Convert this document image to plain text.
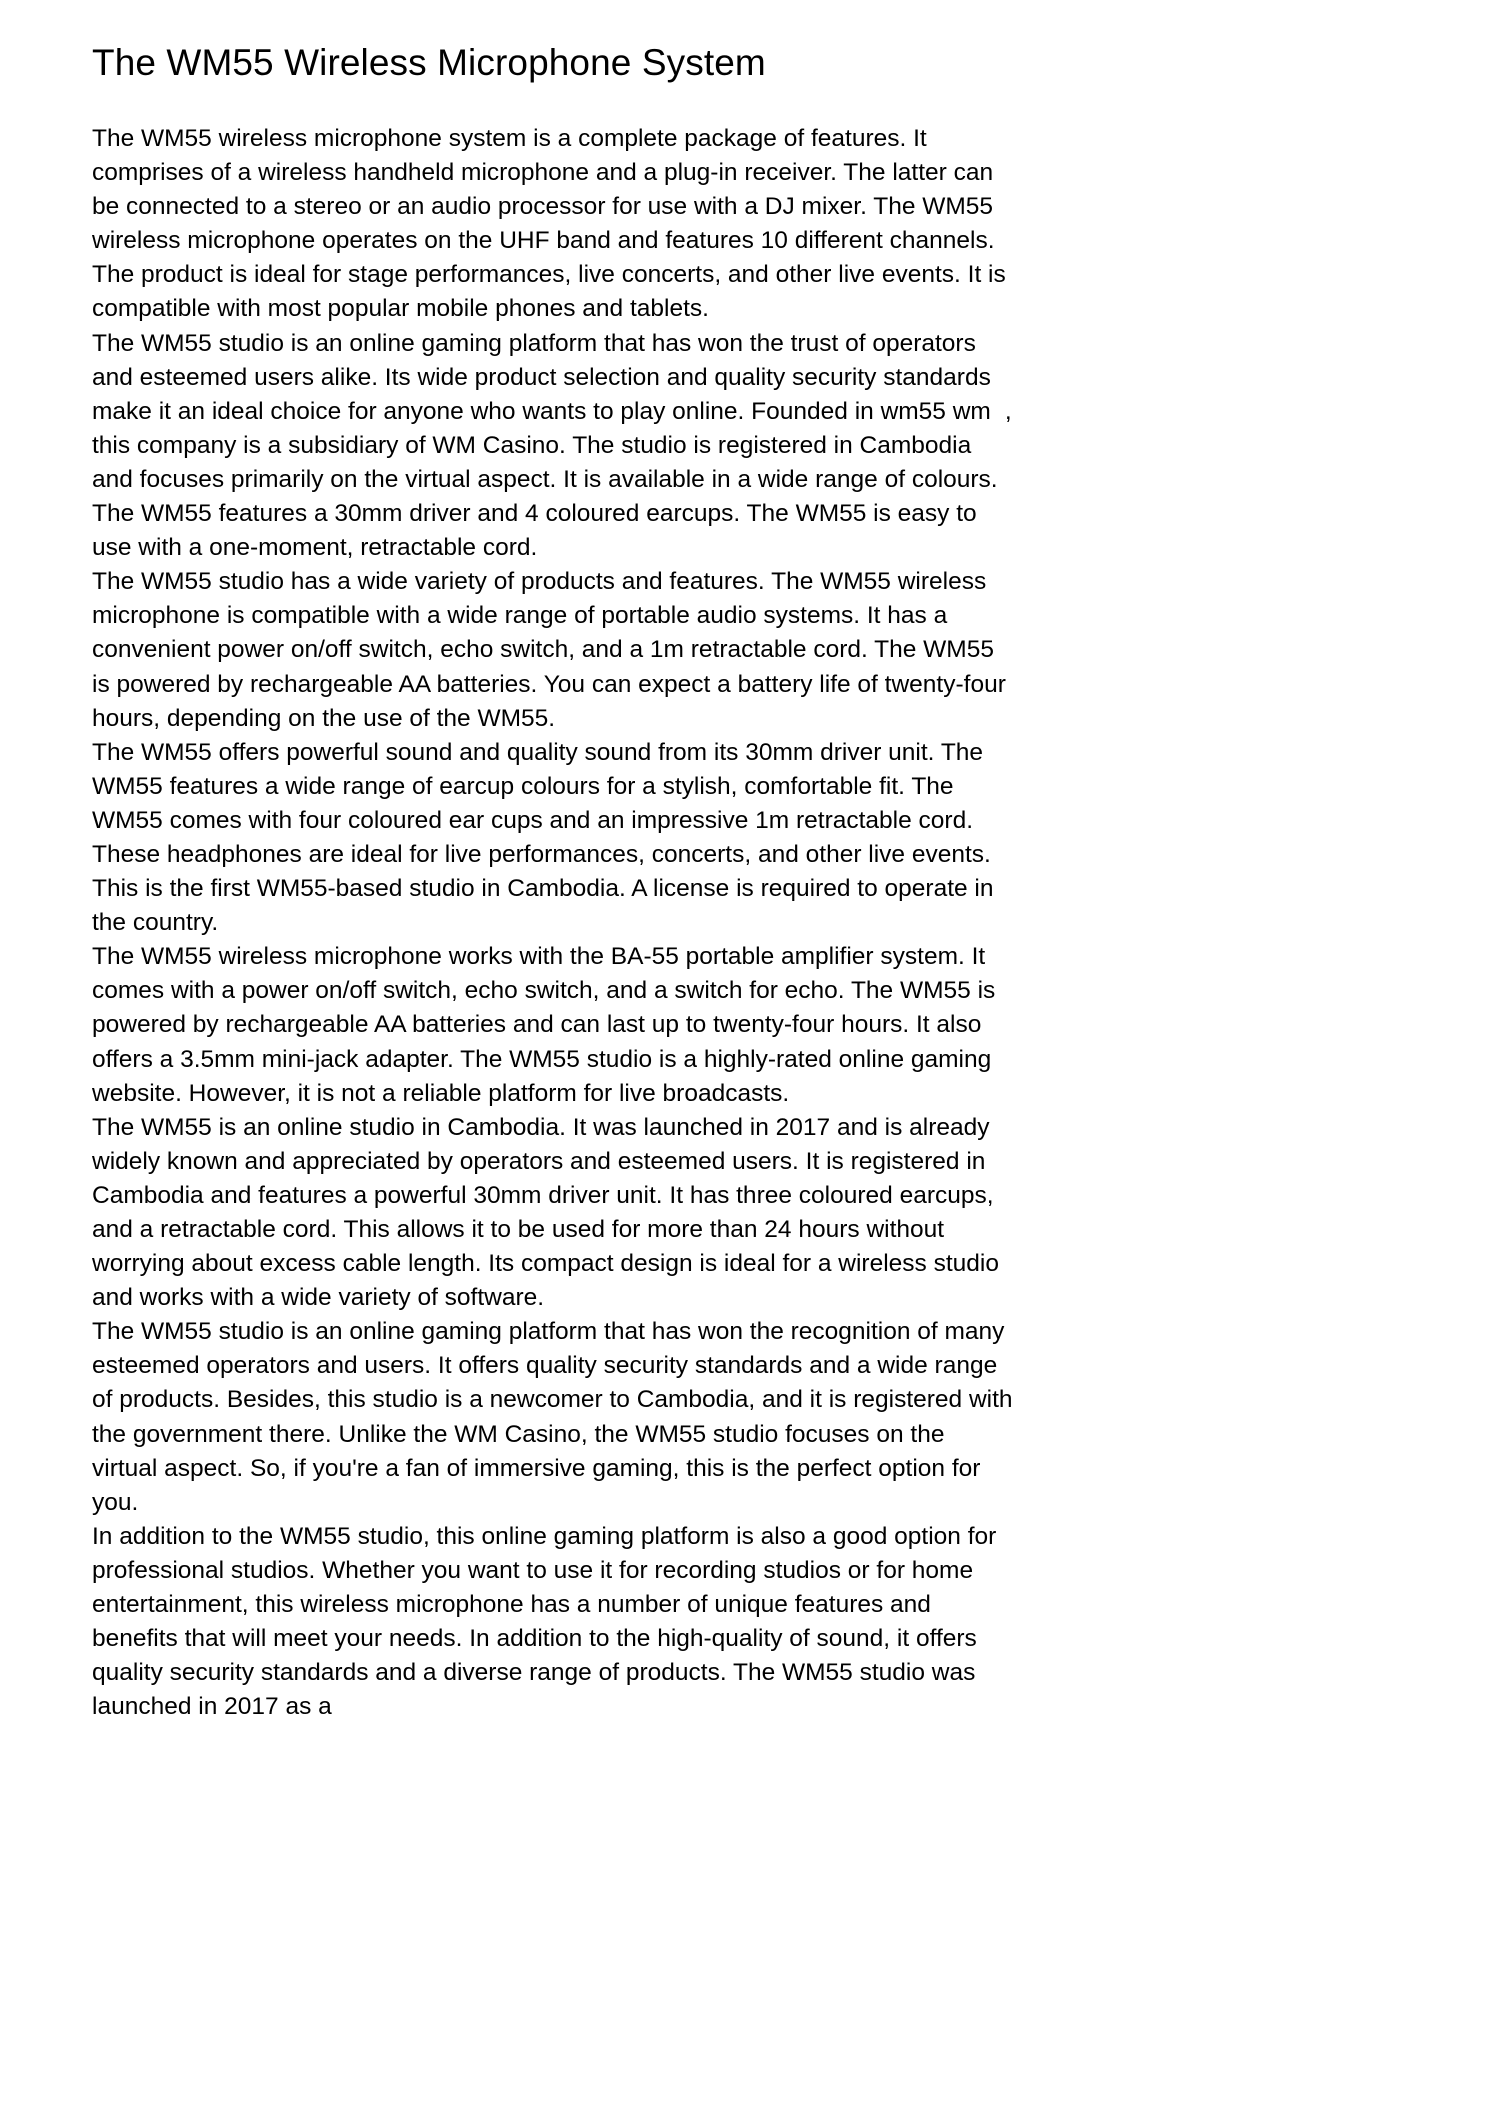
The WM55 Wireless Microphone System

The WM55 wireless microphone system is a complete package of features. It comprises of a wireless handheld microphone and a plug-in receiver. The latter can be connected to a stereo or an audio processor for use with a DJ mixer. The WM55 wireless microphone operates on the UHF band and features 10 different channels. The product is ideal for stage performances, live concerts, and other live events. It is compatible with most popular mobile phones and tablets.

The WM55 studio is an online gaming platform that has won the trust of operators and esteemed users alike. Its wide product selection and quality security standards make it an ideal choice for anyone who wants to play online. Founded in wm55 wm , this company is a subsidiary of WM Casino. The studio is registered in Cambodia and focuses primarily on the virtual aspect. It is available in a wide range of colours. The WM55 features a 30mm driver and 4 coloured earcups. The WM55 is easy to use with a one-moment, retractable cord.

The WM55 studio has a wide variety of products and features. The WM55 wireless microphone is compatible with a wide range of portable audio systems. It has a convenient power on/off switch, echo switch, and a 1m retractable cord. The WM55 is powered by rechargeable AA batteries. You can expect a battery life of twenty-four hours, depending on the use of the WM55.

The WM55 offers powerful sound and quality sound from its 30mm driver unit. The WM55 features a wide range of earcup colours for a stylish, comfortable fit. The WM55 comes with four coloured ear cups and an impressive 1m retractable cord. These headphones are ideal for live performances, concerts, and other live events. This is the first WM55-based studio in Cambodia. A license is required to operate in the country.

The WM55 wireless microphone works with the BA-55 portable amplifier system. It comes with a power on/off switch, echo switch, and a switch for echo. The WM55 is powered by rechargeable AA batteries and can last up to twenty-four hours. It also offers a 3.5mm mini-jack adapter. The WM55 studio is a highly-rated online gaming website. However, it is not a reliable platform for live broadcasts.

The WM55 is an online studio in Cambodia. It was launched in 2017 and is already widely known and appreciated by operators and esteemed users. It is registered in Cambodia and features a powerful 30mm driver unit. It has three coloured earcups, and a retractable cord. This allows it to be used for more than 24 hours without worrying about excess cable length. Its compact design is ideal for a wireless studio and works with a wide variety of software.

The WM55 studio is an online gaming platform that has won the recognition of many esteemed operators and users. It offers quality security standards and a wide range of products. Besides, this studio is a newcomer to Cambodia, and it is registered with the government there. Unlike the WM Casino, the WM55 studio focuses on the virtual aspect. So, if you're a fan of immersive gaming, this is the perfect option for you.

In addition to the WM55 studio, this online gaming platform is also a good option for professional studios. Whether you want to use it for recording studios or for home entertainment, this wireless microphone has a number of unique features and benefits that will meet your needs. In addition to the high-quality of sound, it offers quality security standards and a diverse range of products. The WM55 studio was launched in 2017 as a
